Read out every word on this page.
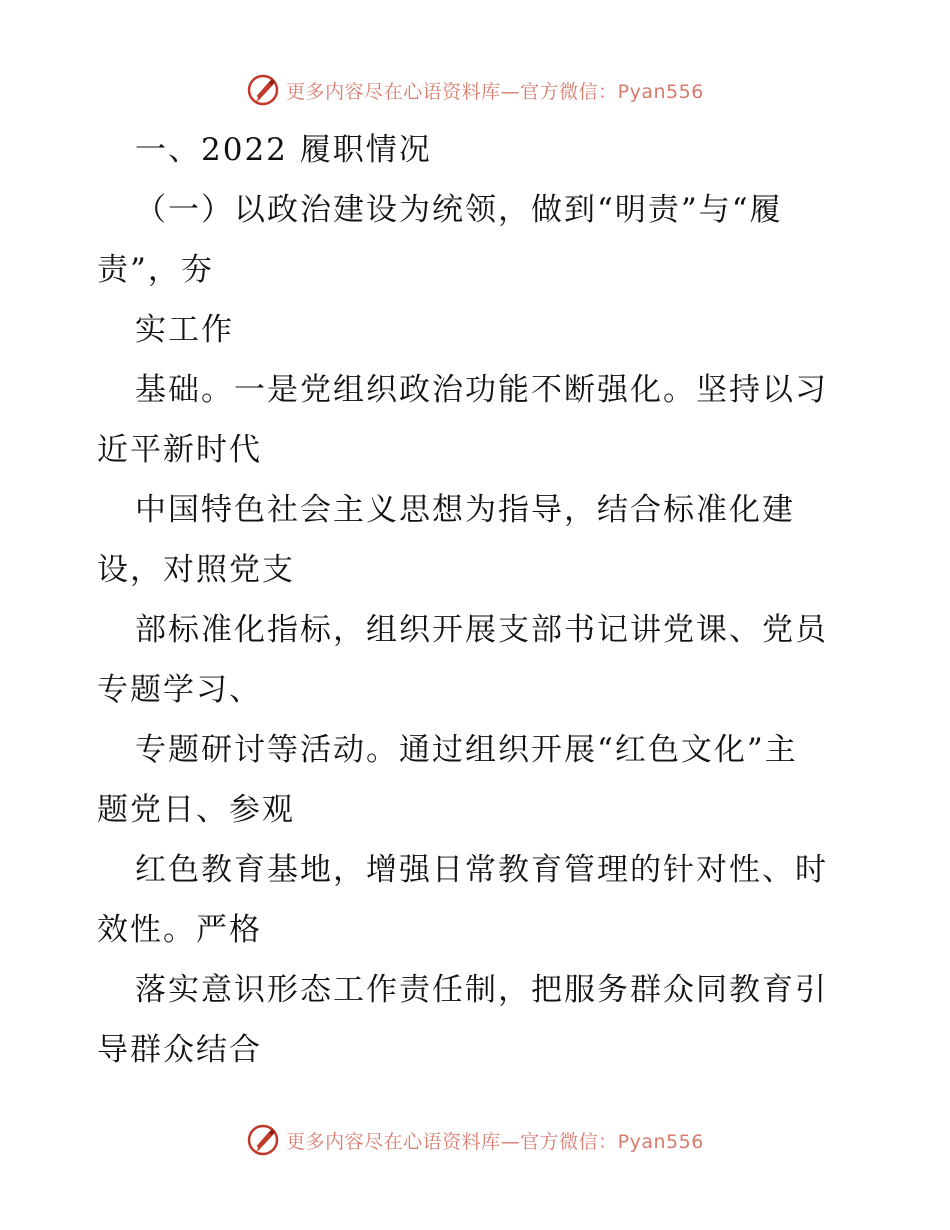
更多内容尽在心语资料库—官方微信：Pyan556
一、2022 履职情况
（一）以政治建设为统领，做到“明责”与“履
责”，夯
实工作
基础。一是党组织政治功能不断强化。坚持以习
近平新时代
中国特色社会主义思想为指导，结合标准化建
设，对照党支
部标准化指标，组织开展支部书记讲党课、党员
专题学习、
专题研讨等活动。通过组织开展“红色文化”主
题党日、参观
红色教育基地，增强日常教育管理的针对性、时
效性。严格
落实意识形态工作责任制，把服务群众同教育引
导群众结合
更多内容尽在心语资料库—官方微信：Pyan556
